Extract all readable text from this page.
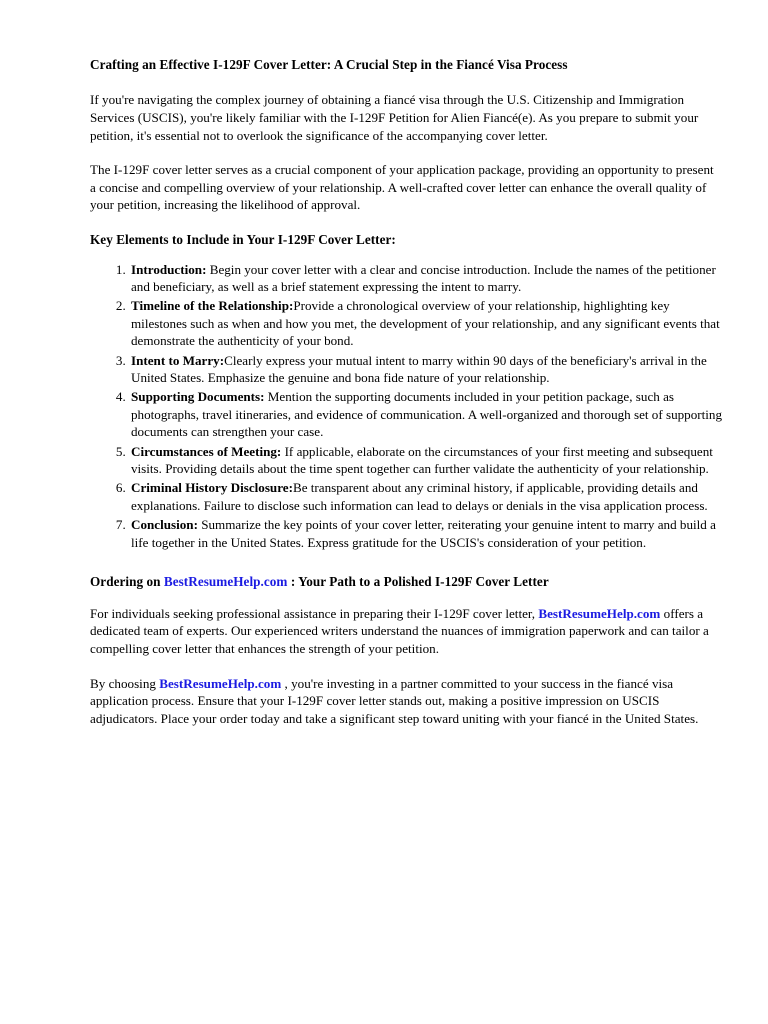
Crafting an Effective I-129F Cover Letter: A Crucial Step in the Fiancé Visa Process

If you're navigating the complex journey of obtaining a fiancé visa through the U.S. Citizenship and Immigration Services (USCIS), you're likely familiar with the I-129F Petition for Alien Fiancé(e). As you prepare to submit your petition, it's essential not to overlook the significance of the accompanying cover letter.

The I-129F cover letter serves as a crucial component of your application package, providing an opportunity to present a concise and compelling overview of your relationship. A well-crafted cover letter can enhance the overall quality of your petition, increasing the likelihood of approval.

Key Elements to Include in Your I-129F Cover Letter:
1. Introduction: Begin your cover letter with a clear and concise introduction. Include the names of the petitioner and beneficiary, as well as a brief statement expressing the intent to marry.
2. Timeline of the Relationship:Provide a chronological overview of your relationship, highlighting key milestones such as when and how you met, the development of your relationship, and any significant events that demonstrate the authenticity of your bond.
3. Intent to Marry:Clearly express your mutual intent to marry within 90 days of the beneficiary's arrival in the United States. Emphasize the genuine and bona fide nature of your relationship.
4. Supporting Documents: Mention the supporting documents included in your petition package, such as photographs, travel itineraries, and evidence of communication. A well-organized and thorough set of supporting documents can strengthen your case.
5. Circumstances of Meeting: If applicable, elaborate on the circumstances of your first meeting and subsequent visits. Providing details about the time spent together can further validate the authenticity of your relationship.
6. Criminal History Disclosure:Be transparent about any criminal history, if applicable, providing details and explanations. Failure to disclose such information can lead to delays or denials in the visa application process.
7. Conclusion: Summarize the key points of your cover letter, reiterating your genuine intent to marry and build a life together in the United States. Express gratitude for the USCIS's consideration of your petition.
Ordering on BestResumeHelp.com : Your Path to a Polished I-129F Cover Letter

For individuals seeking professional assistance in preparing their I-129F cover letter, BestResumeHelp.com offers a dedicated team of experts. Our experienced writers understand the nuances of immigration paperwork and can tailor a compelling cover letter that enhances the strength of your petition.

By choosing BestResumeHelp.com , you're investing in a partner committed to your success in the fiancé visa application process. Ensure that your I-129F cover letter stands out, making a positive impression on USCIS adjudicators. Place your order today and take a significant step toward uniting with your fiancé in the United States.
